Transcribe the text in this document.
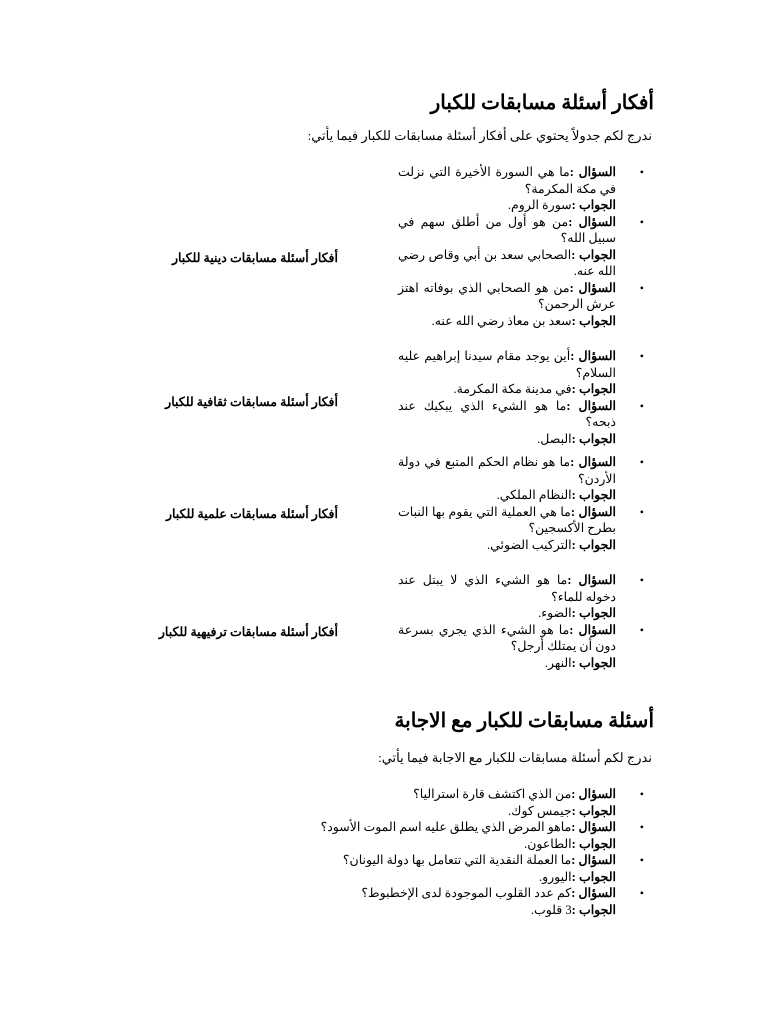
أفكار أسئلة مسابقات للكبار
ندرج لكم جدولاً يحتوي على أفكار أسئلة مسابقات للكبار فيما يأتي:
أفكار أسئلة مسابقات دينية للكبار
•
السؤال :ما هي السورة الأخيرة التي نزلت في مكة المكرمة؟
الجواب :سورة الروم.
•
السؤال :من هو أول من أطلق سهم في سبيل الله؟
الجواب :الصحابي سعد بن أبي وقاص رضي الله عنه.
•
السؤال :من هو الصحابي الذي بوفاته اهتز عرش الرحمن؟
الجواب :سعد بن معاذ رضي الله عنه.
أفكار أسئلة مسابقات ثقافية للكبار
•
السؤال :أين يوجد مقام سيدنا إبراهيم عليه السلام؟
الجواب :في مدينة مكة المكرمة.
•
السؤال :ما هو الشيء الذي يبكيك عند ذبحه؟
الجواب :البصل.
أفكار أسئلة مسابقات علمية للكبار
•
السؤال :ما هو نظام الحكم المتبع في دولة الأردن؟
الجواب :النظام الملكي.
•
السؤال :ما هي العملية التي يقوم بها النبات بطرح الأكسجين؟
الجواب :التركيب الضوئي.
أفكار أسئلة مسابقات ترفيهية للكبار
•
السؤال :ما هو الشيء الذي لا يبتل عند دخوله للماء؟
الجواب :الضوء.
•
السؤال :ما هو الشيء الذي يجري بسرعة دون أن يمتلك أرجل؟
الجواب :النهر.
أسئلة مسابقات للكبار مع الاجابة
ندرج لكم أسئلة مسابقات للكبار مع الاجابة فيما يأتي:
•
السؤال :من الذي اكتشف قارة استراليا؟
الجواب :جيمس كوك.
•
السؤال :ماهو المرض الذي يطلق عليه اسم الموت الأسود؟
الجواب :الطاعون.
•
السؤال :ما العملة النقدية التي تتعامل بها دولة اليونان؟
الجواب :اليورو.
•
السؤال :كم عدد القلوب الموجودة لدى الإخطبوط؟
الجواب :3 قلوب.
